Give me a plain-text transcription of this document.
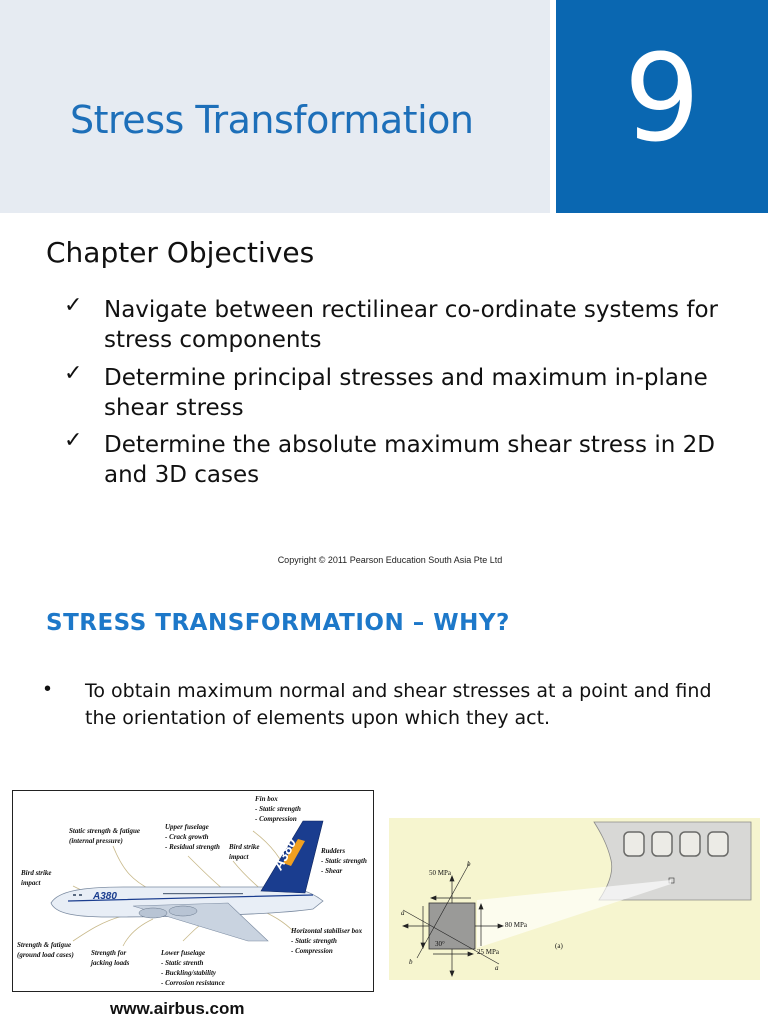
Stress Transformation	9
Chapter Objectives
✓ Navigate between rectilinear co-ordinate systems for stress components
✓ Determine principal stresses and maximum in-plane shear stress
✓ Determine the absolute maximum shear stress in 2D and 3D cases
Copyright © 2011 Pearson Education South Asia Pte Ltd
STRESS TRANSFORMATION – WHY?
• To obtain maximum normal and shear stresses at a point and find the orientation of elements upon which they act.
A380
A380
Fin box - Static strength - Compression
Upper fuselage - Crack growth - Residual strength
Static strength & fatigue (internal pressure)
Bird strike impact
Rudders - Static strength - Shear
Bird strike impact
Horizontal stabiliser box - Static strength - Compression
Strength & fatigue (ground load cases) Strength for jacking loads
Lower fuselage - Static strenth - Buckling/stability - Corrosion resistance
50 MPa
80 MPa
25 MPa
30°
a
b
a
b
(a)
www.airbus.com
